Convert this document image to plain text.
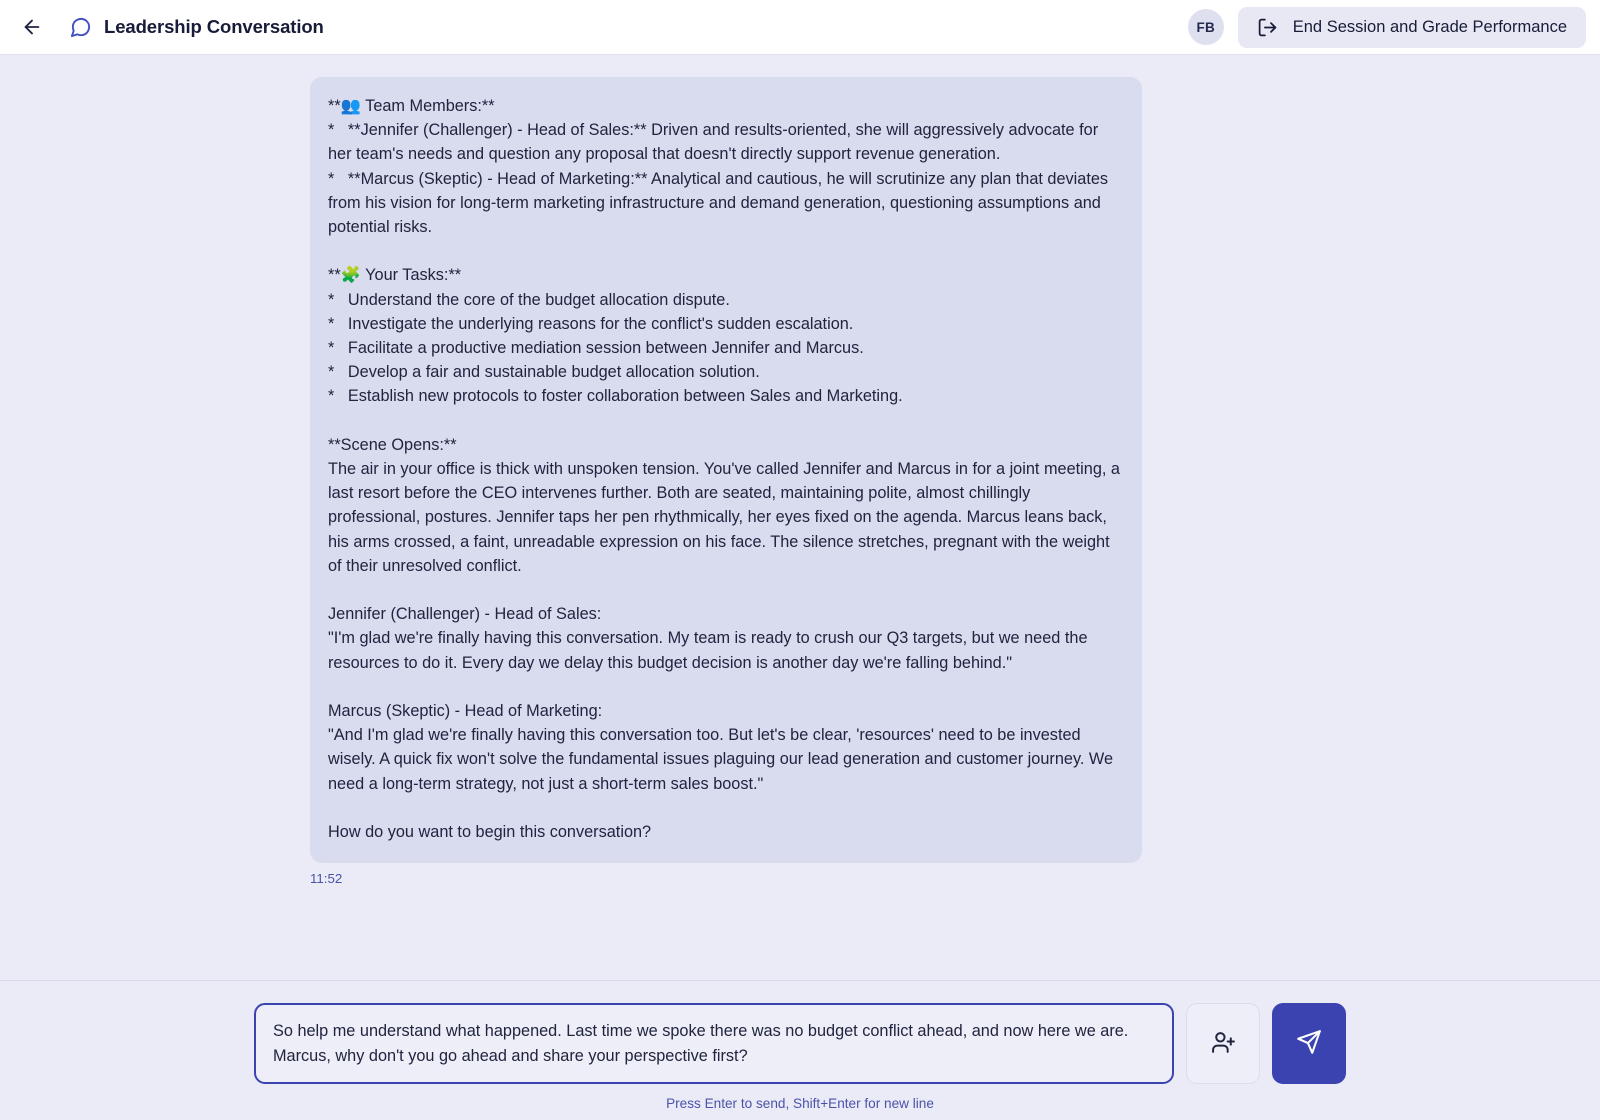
Leadership Conversation	FB	End Session and Grade Performance

**👥 Team Members:**

*   **Jennifer (Challenger) - Head of Sales:** Driven and results-oriented, she will aggressively advocate for her team's needs and question any proposal that doesn't directly support revenue generation.

*   **Marcus (Skeptic) - Head of Marketing:** Analytical and cautious, he will scrutinize any plan that deviates from his vision for long-term marketing infrastructure and demand generation, questioning assumptions and potential risks.

**🧩 Your Tasks:**

*   Understand the core of the budget allocation dispute.

*   Investigate the underlying reasons for the conflict's sudden escalation.

*   Facilitate a productive mediation session between Jennifer and Marcus.

*   Develop a fair and sustainable budget allocation solution.

*   Establish new protocols to foster collaboration between Sales and Marketing.

**Scene Opens:**

The air in your office is thick with unspoken tension. You've called Jennifer and Marcus in for a joint meeting, a last resort before the CEO intervenes further. Both are seated, maintaining polite, almost chillingly professional, postures. Jennifer taps her pen rhythmically, her eyes fixed on the agenda. Marcus leans back, his arms crossed, a faint, unreadable expression on his face. The silence stretches, pregnant with the weight of their unresolved conflict.

Jennifer (Challenger) - Head of Sales:

"I'm glad we're finally having this conversation. My team is ready to crush our Q3 targets, but we need the resources to do it. Every day we delay this budget decision is another day we're falling behind."

Marcus (Skeptic) - Head of Marketing:

"And I'm glad we're finally having this conversation too. But let's be clear, 'resources' need to be invested wisely. A quick fix won't solve the fundamental issues plaguing our lead generation and customer journey. We need a long-term strategy, not just a short-term sales boost."

How do you want to begin this conversation?

11:52
So help me understand what happened. Last time we spoke there was no budget conflict ahead, and now here we are. Marcus, why don't you go ahead and share your perspective first?
Press Enter to send, Shift+Enter for new line
